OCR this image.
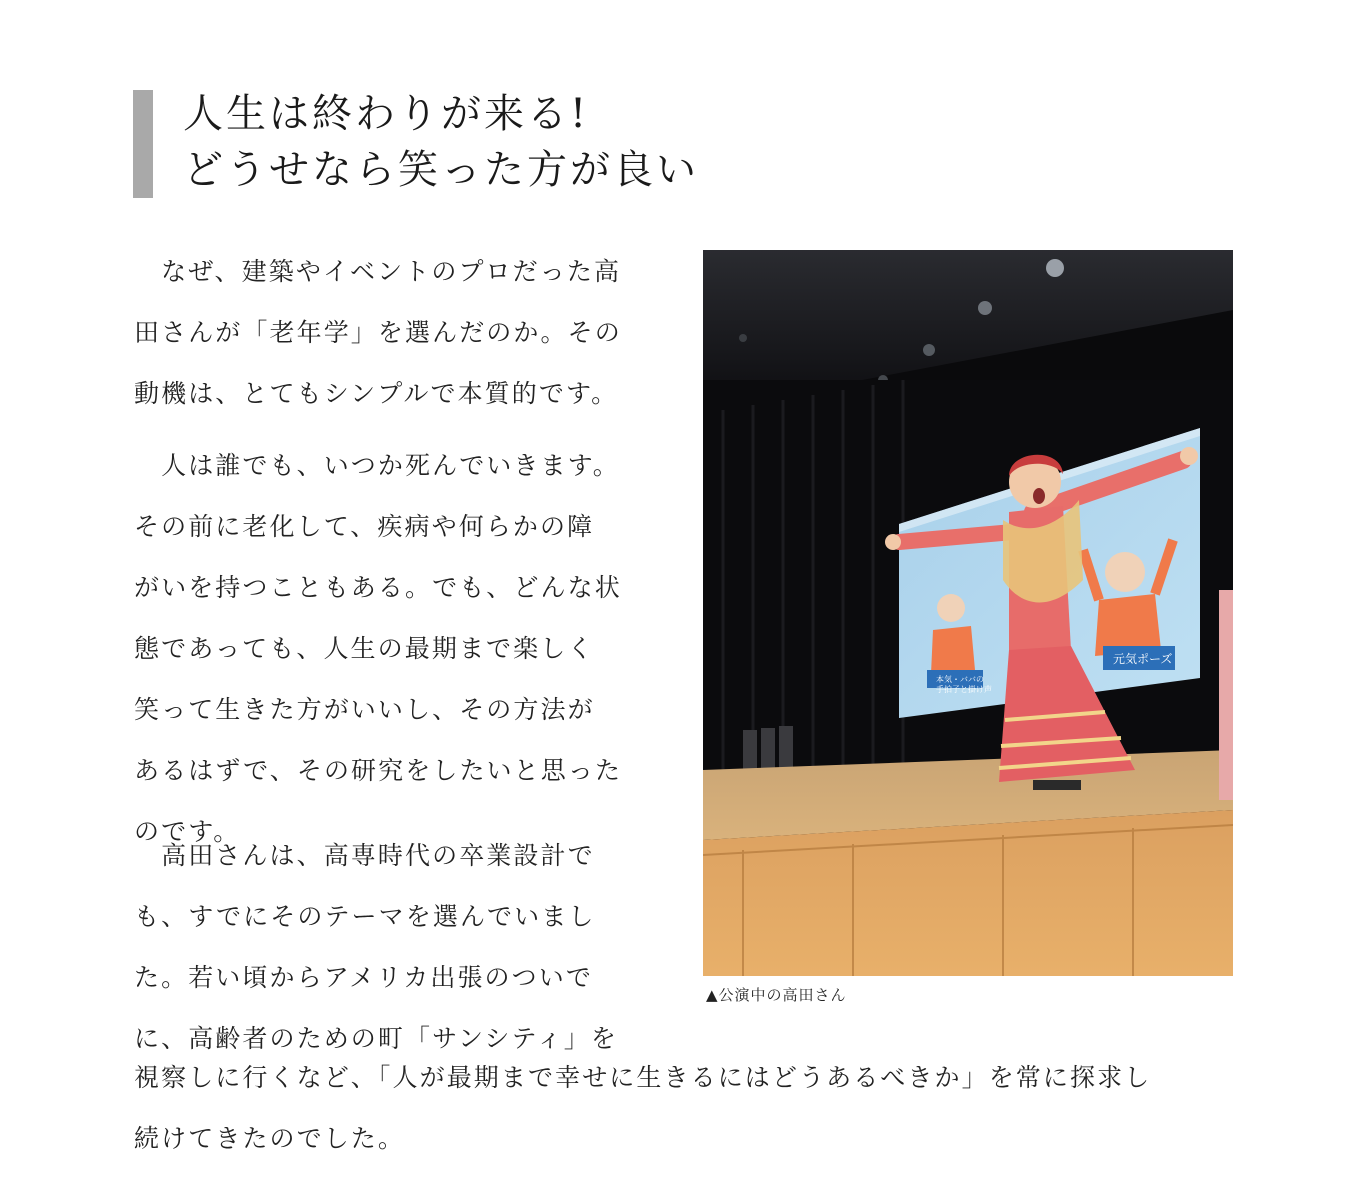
人生は終わりが来る!
どうせなら笑った方が良い
　なぜ、建築やイベントのプロだった高
田さんが「老年学」を選んだのか。その
動機は、とてもシンプルで本質的です。
　人は誰でも、いつか死んでいきます。
その前に老化して、疾病や何らかの障
がいを持つこともある。でも、どんな状
態であっても、人生の最期まで楽しく
笑って生きた方がいいし、その方法が
あるはずで、その研究をしたいと思った
のです。
　高田さんは、高専時代の卒業設計で
も、すでにそのテーマを選んでいまし
た。若い頃からアメリカ出張のついで
に、高齢者のための町「サンシティ」を
視察しに行くなど、「人が最期まで幸せに生きるにはどうあるべきか」を常に探求し
続けてきたのでした。
本気・ババの
手拍子と掛け声
元気ポーズ
▲公演中の高田さん
